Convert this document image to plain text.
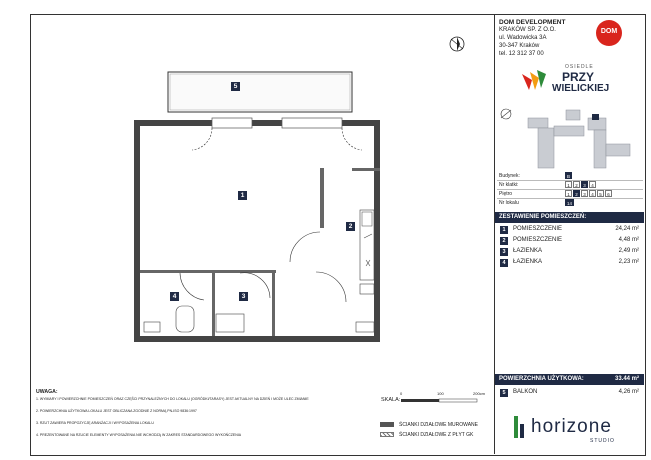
DOM DEVELOPMENT
KRAKÓW SP. Z O.O.
ul. Wadowicka 3A
30-347 Kraków
tel. 12 312 37 00
DOM
OSIEDLE
PRZY
WIELICKIEJ
Budynek:	B
Nr klatki:	1	2	3	4
Piętro	1	2	3	4	5	6
Nr lokalu	14
ZESTAWIENIE POMIESZCZEŃ:
1	POMIESZCZENIE	24,24 m²
2	POMIESZCZENIE	4,48 m²
3	ŁAZIENKA	2,49 m²
4	ŁAZIENKA	2,23 m²
POWIERZCHNIA UŻYTKOWA:	33.44 m²
5	BALKON	4,26 m²
horizone
STUDIO
UWAGA:
1. WYMIARY I POWIERZCHNIE POMIESZCZEŃ ORAZ CZĘŚCI PRZYNALEŻNYCH DO LOKALU (OGRÓDKI/TARASY) JEST AKTUALNY NA DZIEŃ I MOŻE ULEC ZMIANIE
2. POWIERZCHNIA UŻYTKOWA LOKALU JEST OBLICZANA ZGODNIE Z NORMĄ PN-ISO 9836:1997
3. RZUT ZAWIERA PROPOZYCJĘ ARANŻACJI I WYPOSAŻENIA LOKALU
4. PREZENTOWANE NA RZUCIE ELEMENTY WYPOSAŻENIA NIE WCHODZĄ W ZAKRES STANDARDOWEGO WYKOŃCZENIA
SKALA:
0	100	200cm
ŚCIANKI DZIAŁOWE MUROWANE
ŚCIANKI DZIAŁOWE Z PŁYT GK
5
1
2
3
4
